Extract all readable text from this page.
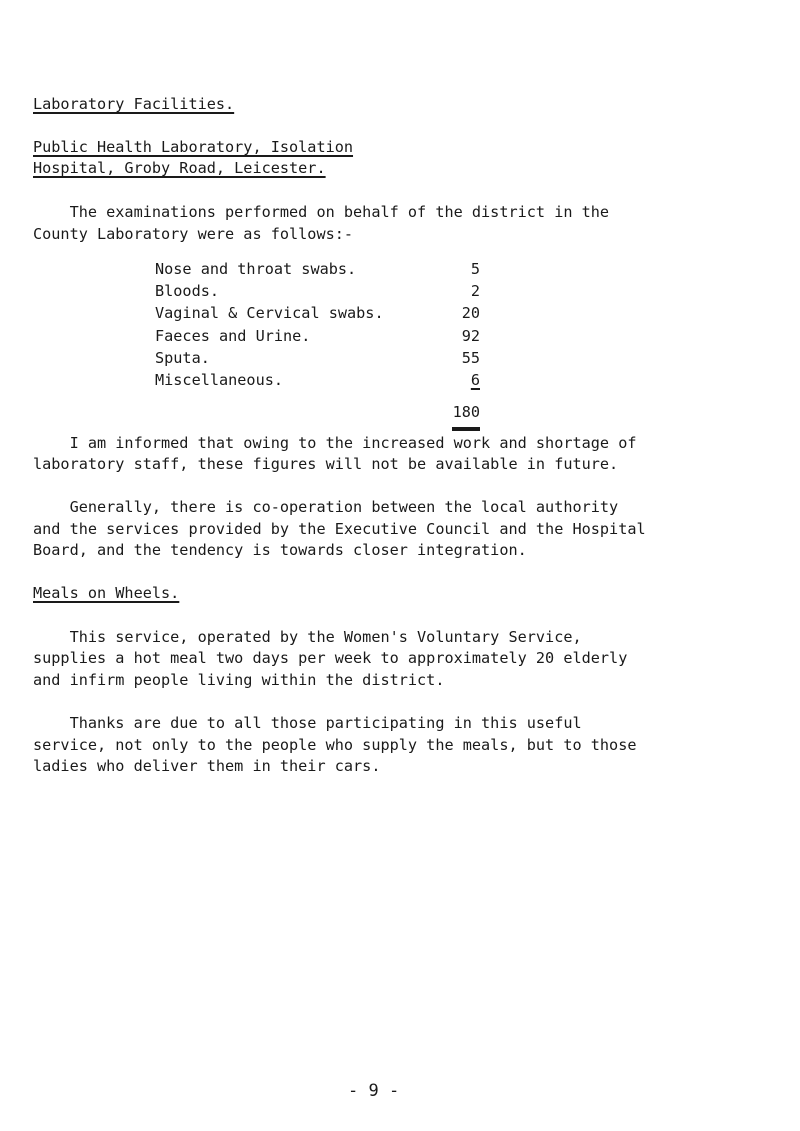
Laboratory Facilities.
Public Health Laboratory, Isolation
Hospital, Groby Road, Leicester.
The examinations performed on behalf of the district in the
County Laboratory were as follows:-
Nose and throat swabs.	5
Bloods.	2
Vaginal & Cervical swabs.	20
Faeces and Urine.	92
Sputa.	55
Miscellaneous.	6
180
I am informed that owing to the increased work and shortage of
laboratory staff, these figures will not be available in future.
Generally, there is co-operation between the local authority
and the services provided by the Executive Council and the Hospital
Board, and the tendency is towards closer integration.
Meals on Wheels.
This service, operated by the Women's Voluntary Service,
supplies a hot meal two days per week to approximately 20 elderly
and infirm people living within the district.
Thanks are due to all those participating in this useful
service, not only to the people who supply the meals, but to those
ladies who deliver them in their cars.
- 9 -
